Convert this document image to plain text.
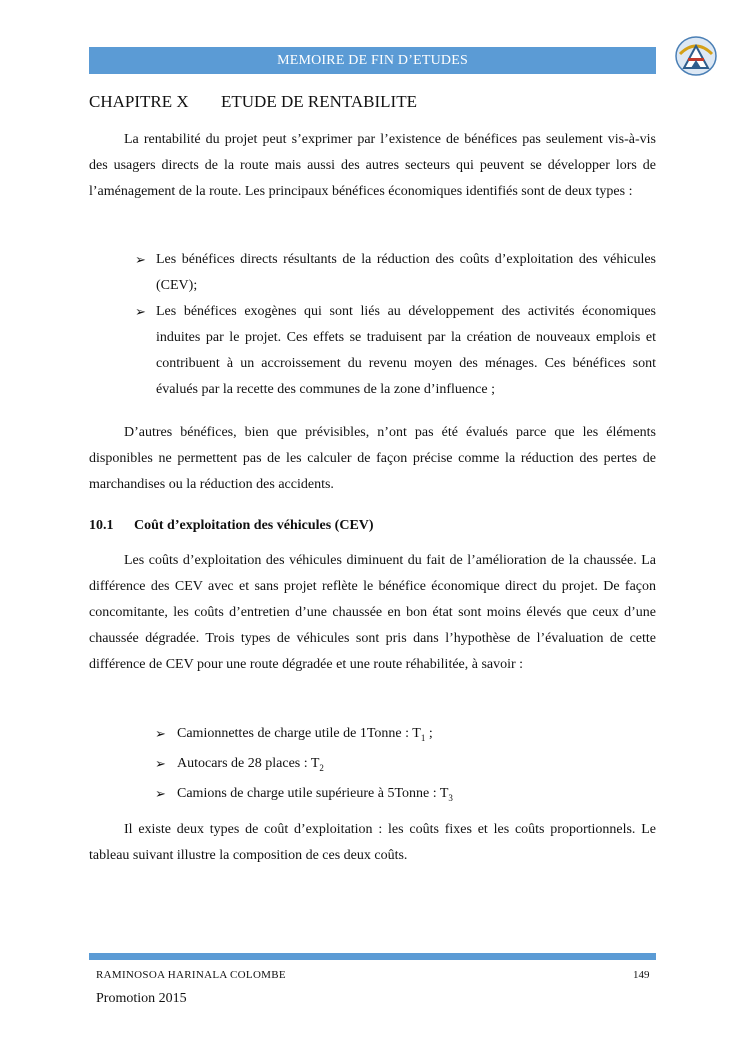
MEMOIRE DE FIN D’ETUDES
CHAPITRE X ETUDE DE RENTABILITE

La rentabilité du projet peut s’exprimer par l’existence de bénéfices pas seulement vis-à-vis des usagers directs de la route mais aussi des autres secteurs qui peuvent se développer lors de l’aménagement de la route. Les principaux bénéfices économiques identifiés sont de deux types :

➢ Les bénéfices directs résultants de la réduction des coûts d’exploitation des véhicules (CEV);
➢ Les bénéfices exogènes qui sont liés au développement des activités économiques induites par le projet. Ces effets se traduisent par la création de nouveaux emplois et contribuent à un accroissement du revenu moyen des ménages. Ces bénéfices sont évalués par la recette des communes de la zone d’influence ;

D’autres bénéfices, bien que prévisibles, n’ont pas été évalués parce que les éléments disponibles ne permettent pas de les calculer de façon précise comme la réduction des pertes de marchandises ou la réduction des accidents.

10.1 Coût d’exploitation des véhicules (CEV)

Les coûts d’exploitation des véhicules diminuent du fait de l’amélioration de la chaussée. La différence des CEV avec et sans projet reflète le bénéfice économique direct du projet. De façon concomitante, les coûts d’entretien d’une chaussée en bon état sont moins élevés que ceux d’une chaussée dégradée. Trois types de véhicules sont pris dans l’hypothèse de l’évaluation de cette différence de CEV pour une route dégradée et une route réhabilitée, à savoir :

➢ Camionnettes de charge utile de 1Tonne : $T_1$ ;
➢ Autocars de 28 places : $T_2$
➢ Camions de charge utile supérieure à 5Tonne : $T_3$

Il existe deux types de coût d’exploitation : les coûts fixes et les coûts proportionnels. Le tableau suivant illustre la composition de ces deux coûts.

RAMINOSOA HARINALA COLOMBE	149
Promotion 2015
